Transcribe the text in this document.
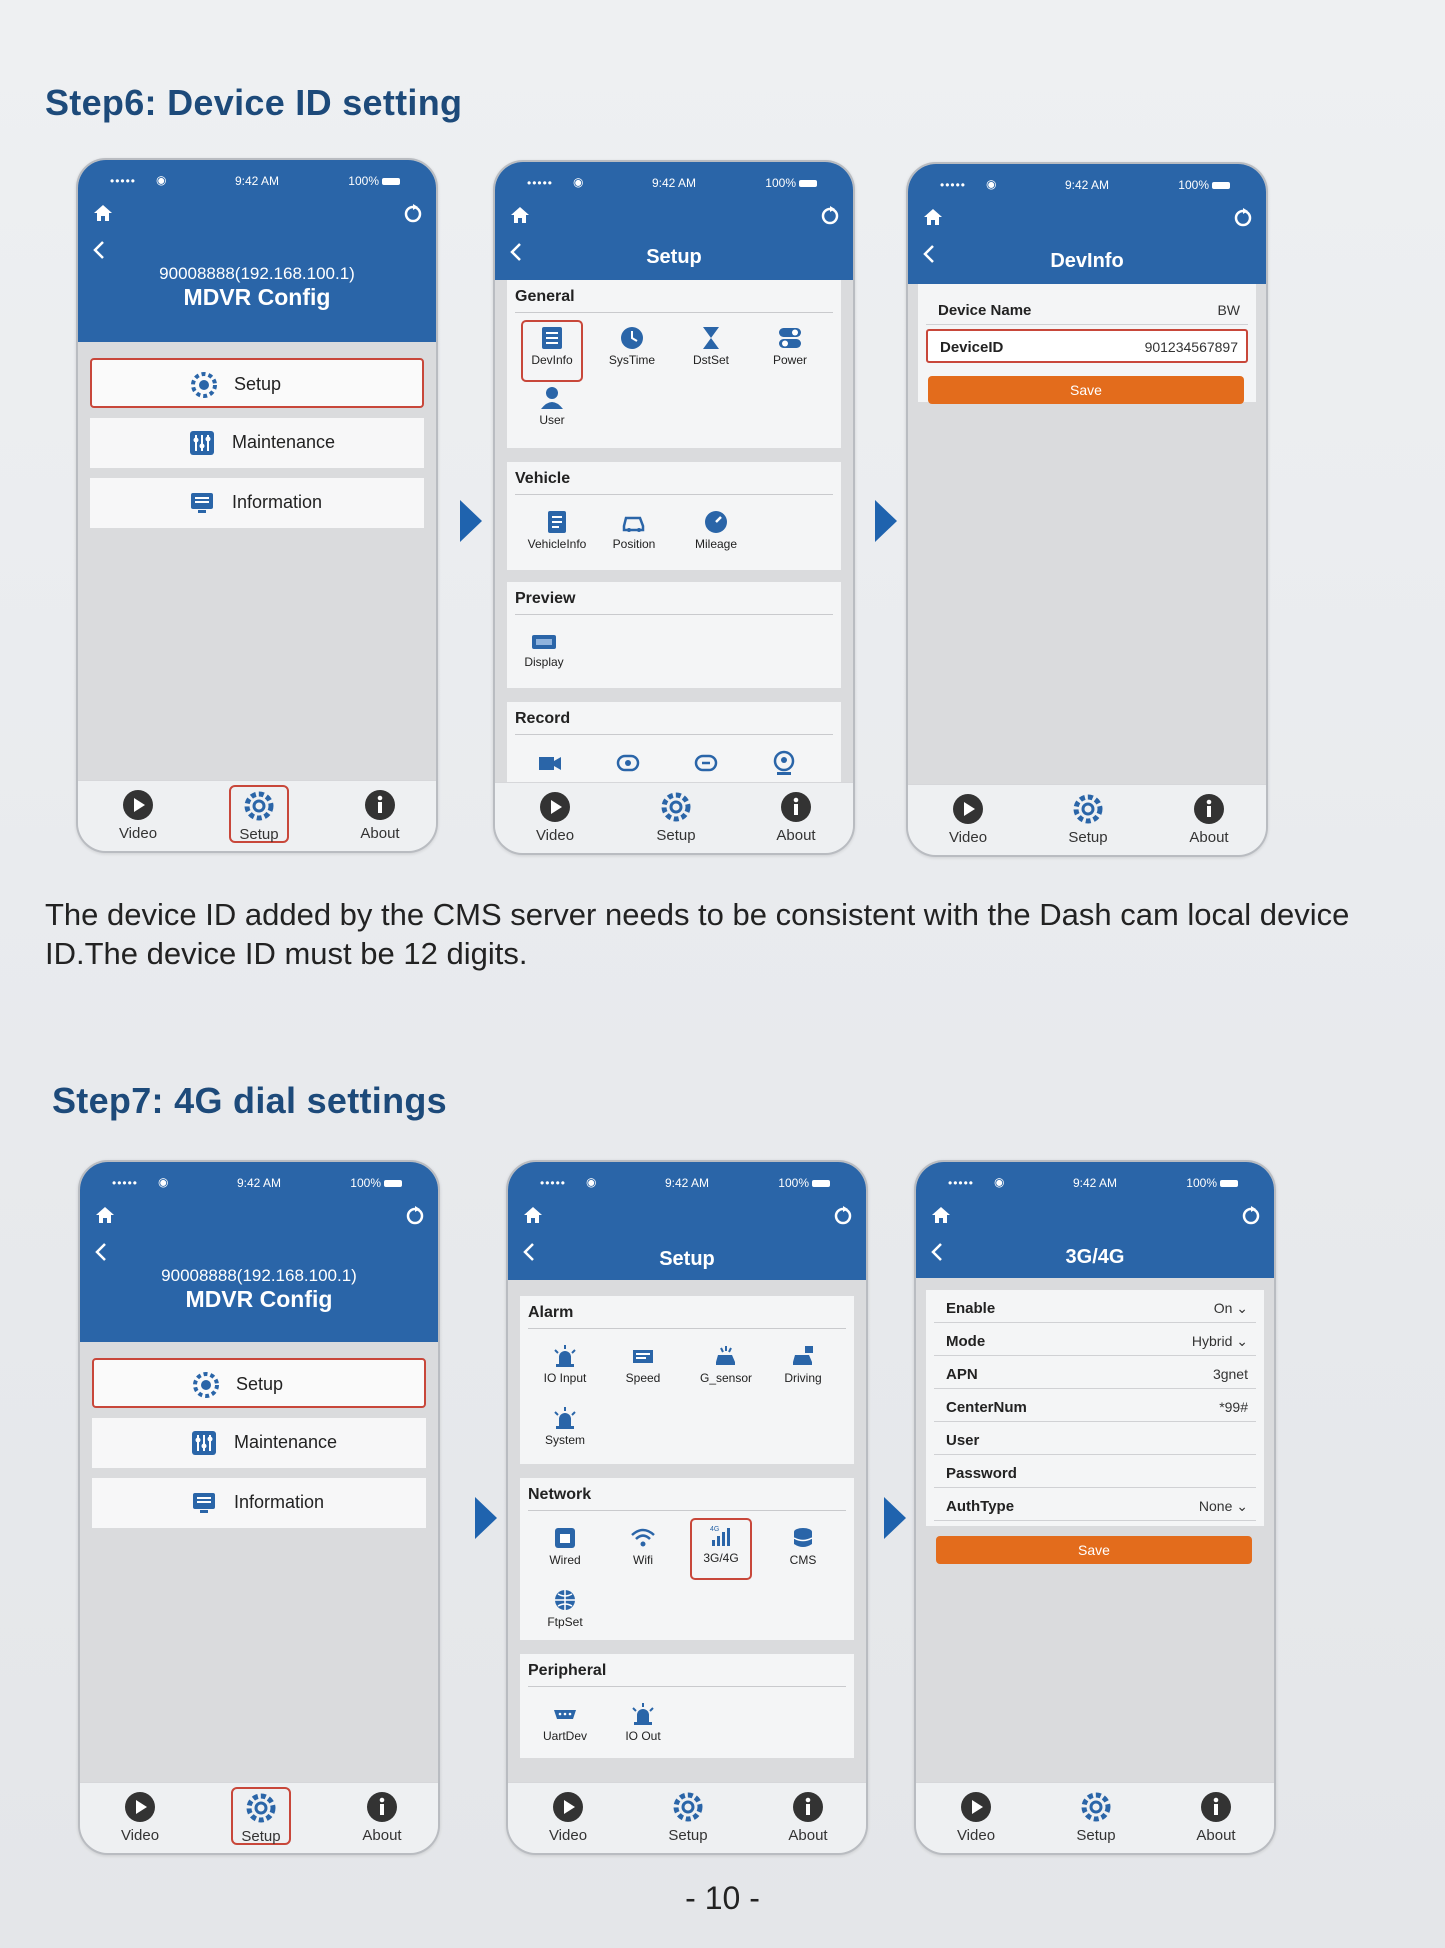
Step6: Device ID setting
Step7: 4G dial settings

The device ID added by the CMS server needs to be consistent with the Dash cam local device ID.The device ID must be 12 digits.

- 10 -
••••• ◉	9:42 AM	100%
90008888(192.168.100.1)
MDVR Config
Setup
Maintenance
Information
Video	Setup	About
••••• ◉	9:42 AM	100%
Setup
General
DevInfo	SysTime	DstSet	Power
User
Vehicle
VehicleInfo	Position	Mileage
Preview
Display
Record
Video	Setup	About
••••• ◉	9:42 AM	100%
DevInfo
Device Name	BW
DeviceID	901234567897
Save
Video	Setup	About
••••• ◉	9:42 AM	100%
90008888(192.168.100.1)
MDVR Config
Setup
Maintenance
Information
Video	Setup	About
••••• ◉	9:42 AM	100%
Setup
Alarm
IO Input	Speed	G_sensor	Driving
System
Network
Wired	Wifi
4G
3G/4G	CMS
FtpSet
Peripheral
UartDev	IO Out
Video	Setup	About
••••• ◉	9:42 AM	100%
3G/4G
Enable	On ⌄
Mode	Hybrid ⌄
APN	3gnet
CenterNum	*99#
User
Password
AuthType	None ⌄
Save
Video	Setup	About
